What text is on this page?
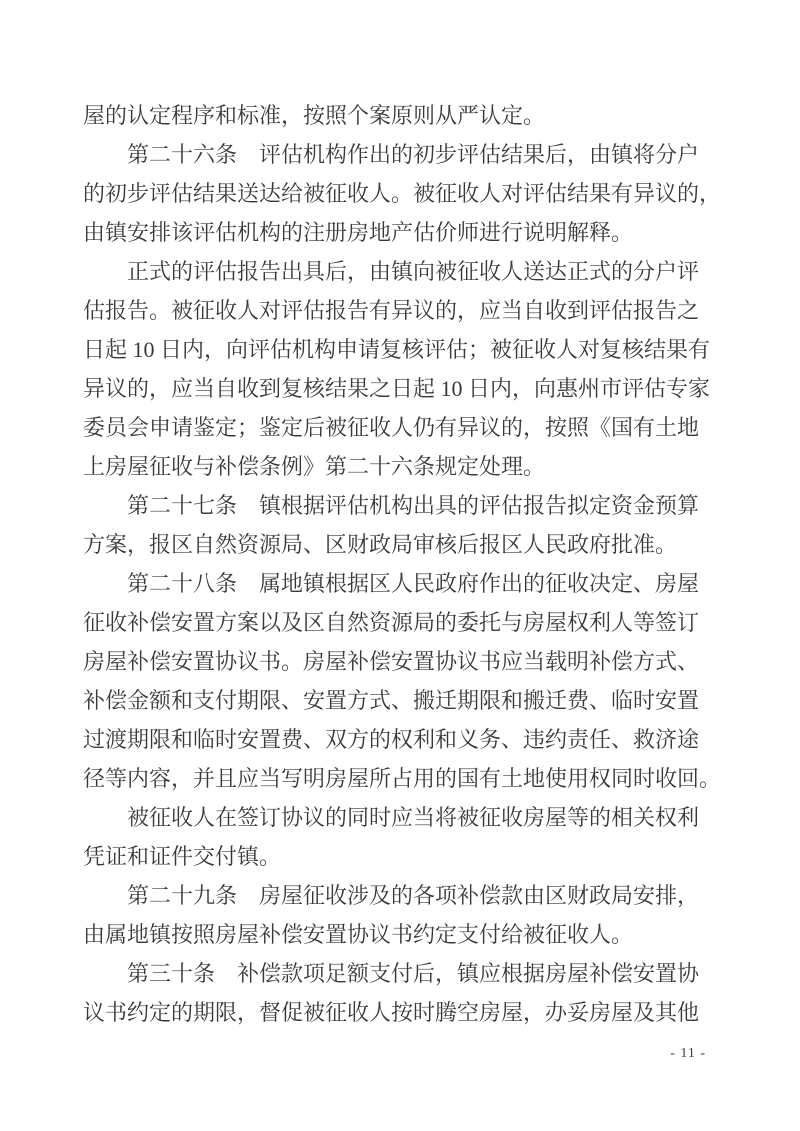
屋的认定程序和标准，按照个案原则从严认定。
第二十六条　评估机构作出的初步评估结果后，由镇将分户
的初步评估结果送达给被征收人。被征收人对评估结果有异议的，
由镇安排该评估机构的注册房地产估价师进行说明解释。
正式的评估报告出具后，由镇向被征收人送达正式的分户评
估报告。被征收人对评估报告有异议的，应当自收到评估报告之
日起 10 日内，向评估机构申请复核评估；被征收人对复核结果有
异议的，应当自收到复核结果之日起 10 日内，向惠州市评估专家
委员会申请鉴定；鉴定后被征收人仍有异议的，按照《国有土地
上房屋征收与补偿条例》第二十六条规定处理。
第二十七条　镇根据评估机构出具的评估报告拟定资金预算
方案，报区自然资源局、区财政局审核后报区人民政府批准。
第二十八条　属地镇根据区人民政府作出的征收决定、房屋
征收补偿安置方案以及区自然资源局的委托与房屋权利人等签订
房屋补偿安置协议书。房屋补偿安置协议书应当载明补偿方式、
补偿金额和支付期限、安置方式、搬迁期限和搬迁费、临时安置
过渡期限和临时安置费、双方的权利和义务、违约责任、救济途
径等内容，并且应当写明房屋所占用的国有土地使用权同时收回。
被征收人在签订协议的同时应当将被征收房屋等的相关权利
凭证和证件交付镇。
第二十九条　房屋征收涉及的各项补偿款由区财政局安排，
由属地镇按照房屋补偿安置协议书约定支付给被征收人。
第三十条　补偿款项足额支付后，镇应根据房屋补偿安置协
议书约定的期限，督促被征收人按时腾空房屋，办妥房屋及其他
- 11 -
